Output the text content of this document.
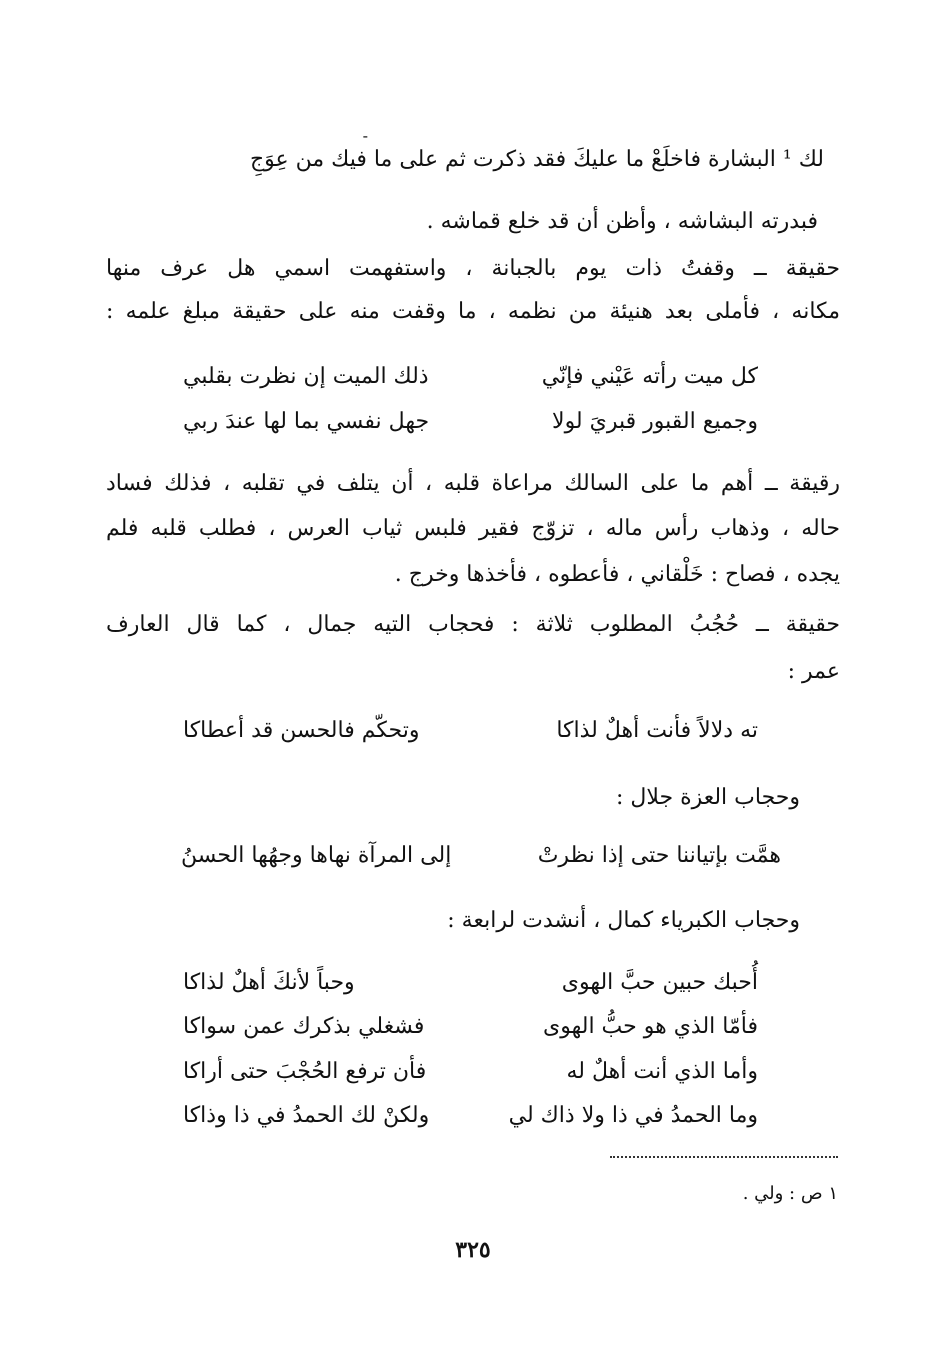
-
لك ¹ البشارة فاخلَعْ ما عليكَ فقد ذكرت ثم على ما فيك من عِوَجِ
فبدرته البشاشه ، وأظن أن قد خلع قماشه .
حقيقة ــ وقفتُ ذات يوم بالجبانة ، واستفهمت اسمي هل عرف منها
مكانه ، فأملى بعد هنيئة من نظمه ، ما وقفت منه على حقيقة مبلغ علمه :
كل ميت رأته عَيْني فإنّي
ذلك الميت إن نظرت بقلبي
وجميع القبور قبريَ لولا
جهل نفسي بما لها عندَ ربي
رقيقة ــ أهم ما على السالك مراعاة قلبه ، أن يتلف في تقلبه ، فذلك فساد
حاله ، وذهاب رأس ماله ، تزوّج فقير فلبس ثياب العرس ، فطلب قلبه فلم
يجده ، فصاح : خَلْقاني ، فأعطوه ، فأخذها وخرج .
حقيقة ــ حُجُبُ المطلوب ثلاثة : فحجاب التيه جمال ، كما قال العارف
عمر :
ته دلالاً فأنت أهلٌ لذاكا
وتحكّم فالحسن قد أعطاكا
وحجاب العزة جلال :
همَّت بإتياننا حتى إذا نظرتْ
إلى المرآة نهاها وجهُها الحسنُ
وحجاب الكبرياء كمال ، أنشدت لرابعة :
أُحبك حبين حبَّ الهوى
وحباً لأنكَ أهلٌ لذاكا
فأمّا الذي هو حبُّ الهوى
فشغلي بذكرك عمن سواكا
وأما الذي أنت أهلٌ له
فأن ترفع الحُجْبَ حتى أراكا
وما الحمدُ في ذا ولا ذاك لي
ولكنْ لك الحمدُ في ذا وذاكا
١ ص : ولي .
٣٢٥
